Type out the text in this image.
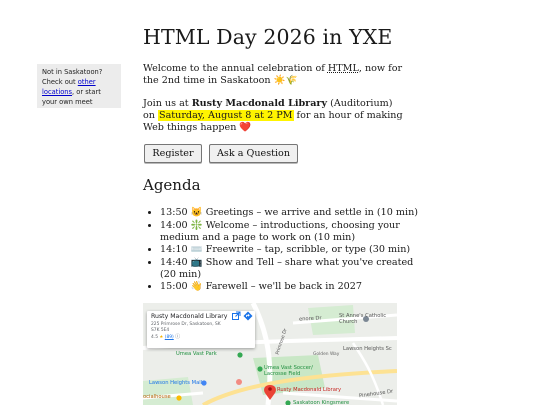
Not in Saskatoon? Check out other locations, or start your own meet
HTML Day 2026 in YXE

Welcome to the annual celebration of HTML, now for the 2nd time in Saskatoon ☀️🌾

Join us at Rusty Macdonald Library (Auditorium) on Saturday, August 8 at 2 PM for an hour of making Web things happen ❤️

Register	Ask a Question
Agenda
• 13:50 😺 Greetings – we arrive and settle in (10 min)
• 14:00 ❇️ Welcome – introductions, choosing your medium and a page to work on (10 min)
• 14:10 ⌨️ Freewrite – tap, scribble, or type (30 min)
• 14:40 📺 Show and Tell – share what you've created (20 min)
• 15:00 👋 Farewell – we'll be back in 2027
Rusty Macdonald Library
225 Primrose Dr, Saskatoon, SK S7K 5E4
4.5 ★ (89) ⓘ
enore Dr	St Anne's Catholic Church
Primrose Dr	Lawson Heights Sc
Golden Way
Umea Vast Park
Umea Vast Soccer/ Lacrosse Field
Lawson Heights Mall
Rusty Macdonald Library
ocialhouse	Pinehouse Dr
Saskatoon Kingsmere
